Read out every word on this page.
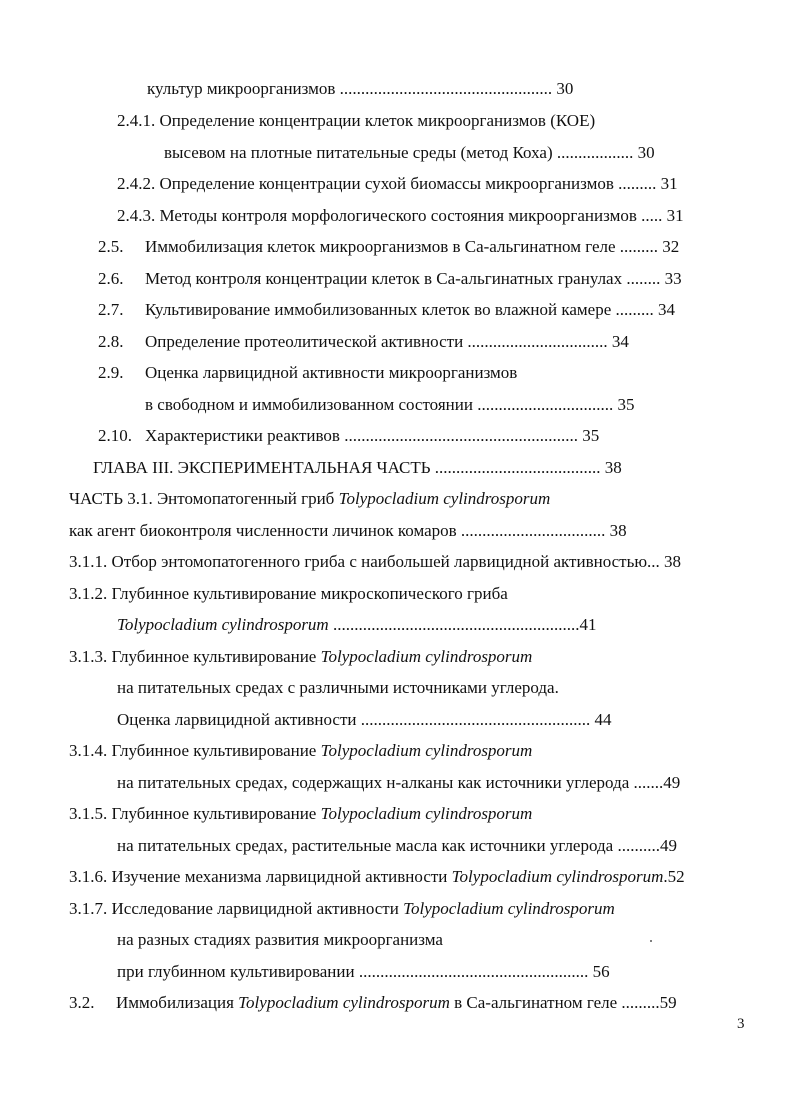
культур микроорганизмов .................................................. 30
2.4.1. Определение концентрации клеток микроорганизмов (КОЕ)
высевом на плотные питательные среды (метод Коха) .................. 30
2.4.2. Определение концентрации сухой биомассы микроорганизмов ......... 31
2.4.3. Методы контроля морфологического состояния микроорганизмов ..... 31
2.5. Иммобилизация клеток микроорганизмов в Са-альгинатном геле ......... 32
2.6. Метод контроля концентрации клеток в Са-альгинатных гранулах ........ 33
2.7. Культивирование иммобилизованных клеток во влажной камере ......... 34
2.8. Определение протеолитической активности ................................. 34
2.9. Оценка ларвицидной активности микроорганизмов
в свободном и иммобилизованном состоянии ................................ 35
2.10. Характеристики реактивов ....................................................... 35
ГЛАВА III. ЭКСПЕРИМЕНТАЛЬНАЯ ЧАСТЬ ....................................... 38
ЧАСТЬ 3.1. Энтомопатогенный гриб Tolypocladium cylindrosporum
как агент биоконтроля численности личинок комаров .................................. 38
3.1.1. Отбор энтомопатогенного гриба с наибольшей ларвицидной активностью... 38
3.1.2. Глубинное культивирование микроскопического гриба
Tolypocladium cylindrosporum ..........................................................41
3.1.3. Глубинное культивирование Tolypocladium cylindrosporum
на питательных средах с различными источниками углерода.
Оценка ларвицидной активности ...................................................... 44
3.1.4. Глубинное культивирование Tolypocladium cylindrosporum
на питательных средах, содержащих н-алканы как источники углерода .......49
3.1.5. Глубинное культивирование Tolypocladium cylindrosporum
на питательных средах, растительные масла как источники углерода ..........49
3.1.6. Изучение механизма ларвицидной активности Tolypocladium cylindrosporum.52
3.1.7. Исследование ларвицидной активности Tolypocladium cylindrosporum
на разных стадиях развития микроорганизма
при глубинном культивировании ...................................................... 56
3.2. Иммобилизация Tolypocladium cylindrosporum в Са-альгинатном геле .........59
3
